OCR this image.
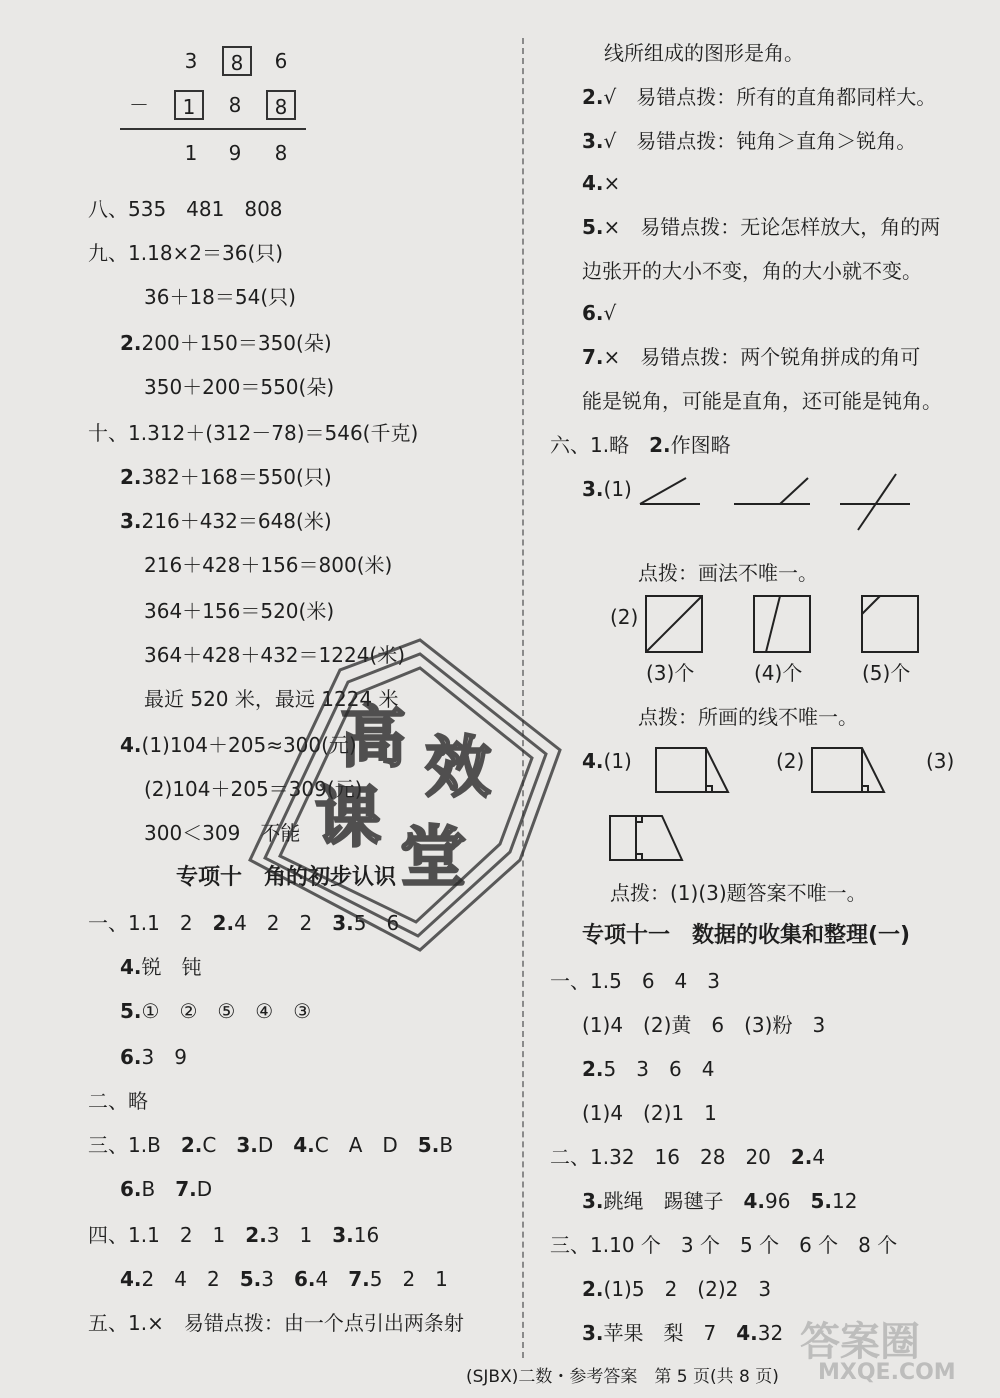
3	8	6
－	1	8	8
1	9	8
八、535　481　808
九、1.18×2＝36(只)
36＋18＝54(只)
2.200＋150＝350(朵)
350＋200＝550(朵)
十、1.312＋(312－78)＝546(千克)
2.382＋168＝550(只)
3.216＋432＝648(米)
216＋428＋156＝800(米)
364＋156＝520(米)
364＋428＋432＝1224(米)
最近 520 米，最远 1224 米
4.(1)104＋205≈300(元)
(2)104＋205＝309(元)
300＜309　不能
专项十　角的初步认识
一、1.1　2　2.4　2　2　3.5　6
4.锐　钝
5.①　②　⑤　④　③
6.3　9
二、略
三、1.B　2.C　3.D　4.C　A　D　5.B
6.B　7.D
四、1.1　2　1　2.3　1　3.16
4.2　4　2　5.3　6.4　7.5　2　1
五、1.×　易错点拨：由一个点引出两条射
线所组成的图形是角。
2.√　易错点拨：所有的直角都同样大。
3.√　易错点拨：钝角＞直角＞锐角。
4.×
5.×　易错点拨：无论怎样放大，角的两
边张开的大小不变，角的大小就不变。
6.√
7.×　易错点拨：两个锐角拼成的角可
能是锐角，可能是直角，还可能是钝角。
六、1.略　2.作图略
3.(1)
点拨：画法不唯一。
(2)
(3)个	(4)个	(5)个
点拨：所画的线不唯一。
4.(1)	(2)	(3)
点拨：(1)(3)题答案不唯一。
专项十一　数据的收集和整理(一)
一、1.5　6　4　3
(1)4　(2)黄　6　(3)粉　3
2.5　3　6　4
(1)4　(2)1　1
二、1.32　16　28　20　2.4
3.跳绳　踢毽子　4.96　5.12
三、1.10 个　3 个　5 个　6 个　8 个
2.(1)5　2　(2)2　3
3.苹果　梨　7　4.32
高 效
课
堂
答案圈
MXQE.COM
(SJBX)二数・参考答案　第 5 页(共 8 页)
